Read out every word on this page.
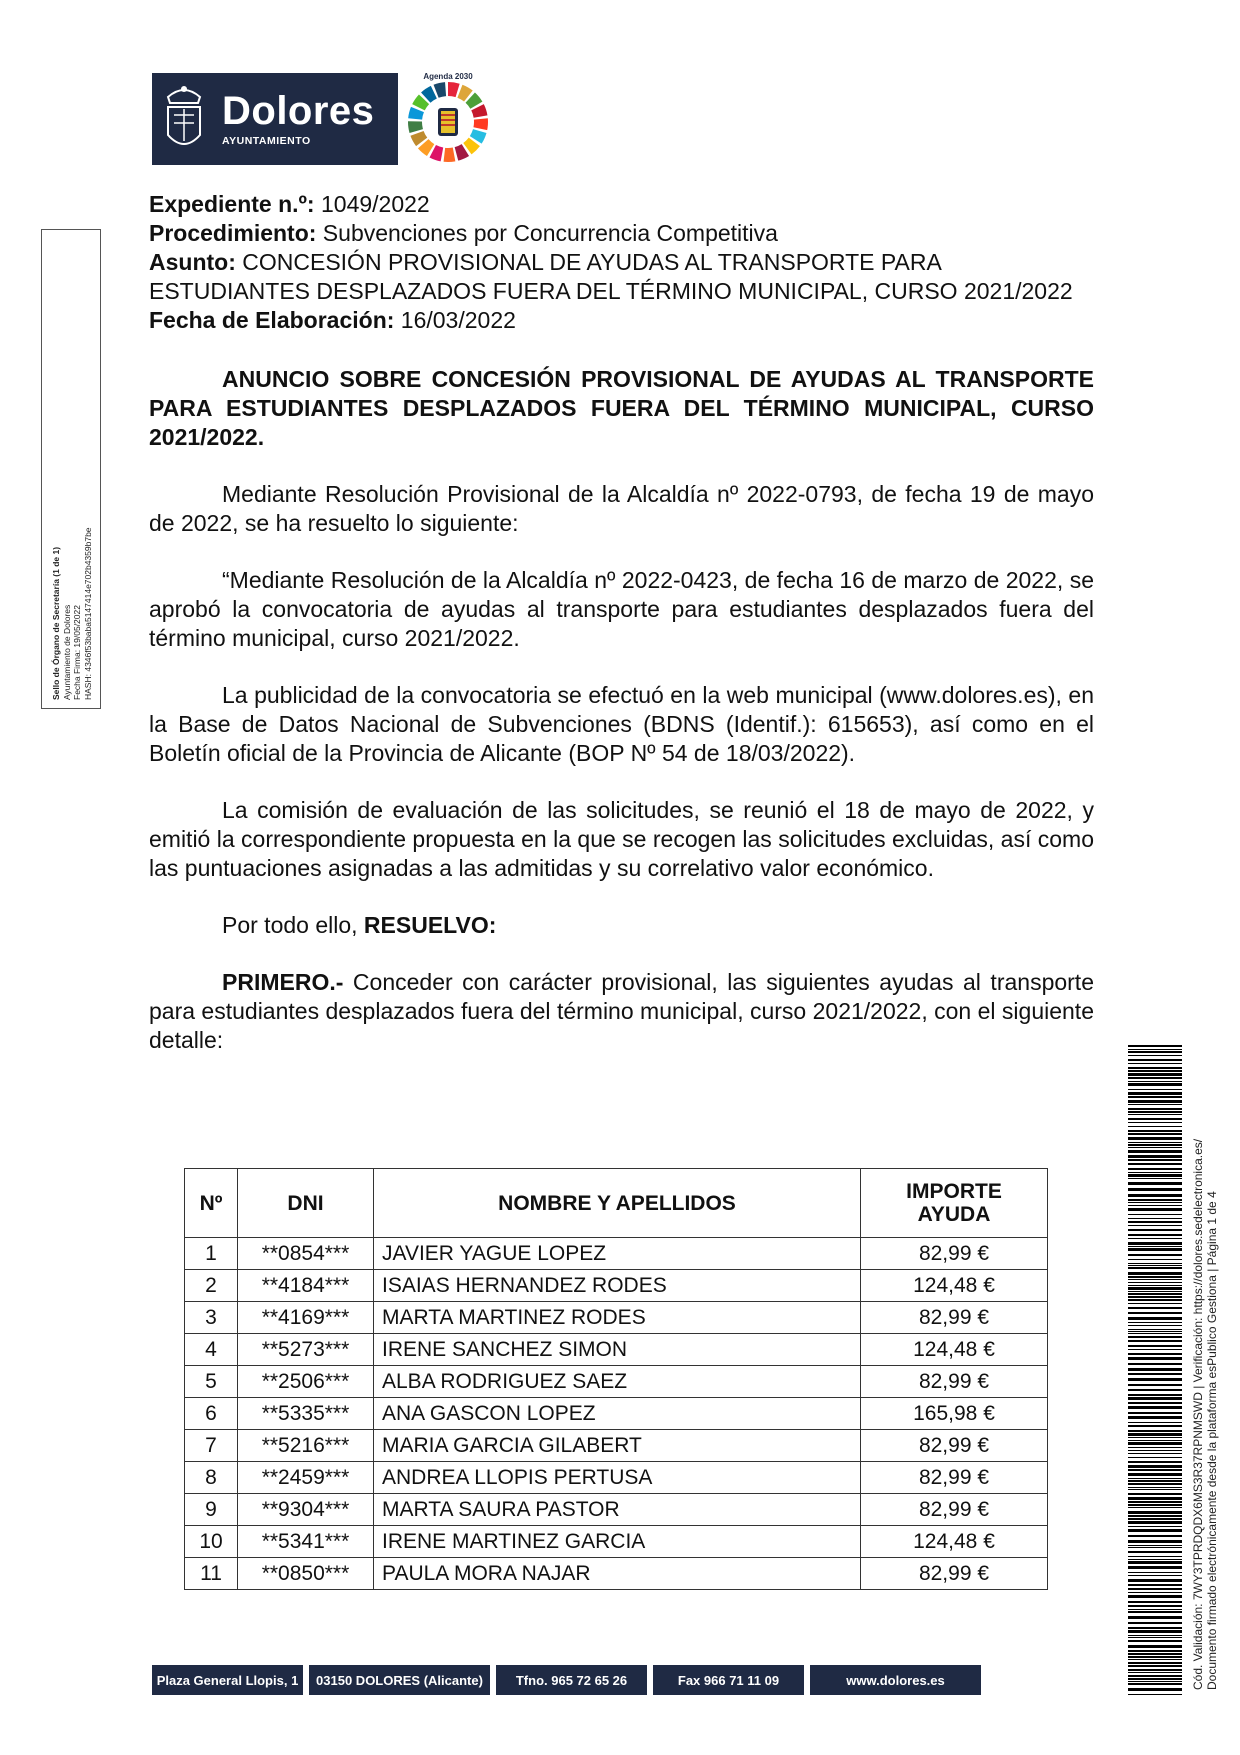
Dolores
AYUNTAMIENTO
Agenda 2030
Sello de Órgano de Secretaría (1 de 1) Ayuntamiento de Dolores Fecha Firma: 19/05/2022 HASH: 4346f53baba5147414e702b4359b7be

Expediente n.º: 1049/2022

Procedimiento: Subvenciones por Concurrencia Competitiva

Asunto: CONCESIÓN PROVISIONAL DE AYUDAS AL TRANSPORTE PARA ESTUDIANTES DESPLAZADOS FUERA DEL TÉRMINO MUNICIPAL, CURSO 2021/2022

Fecha de Elaboración: 16/03/2022

ANUNCIO SOBRE CONCESIÓN PROVISIONAL DE AYUDAS AL TRANSPORTE PARA ESTUDIANTES DESPLAZADOS FUERA DEL TÉRMINO MUNICIPAL, CURSO 2021/2022.

Mediante Resolución Provisional de la Alcaldía nº 2022-0793, de fecha 19 de mayo de 2022, se ha resuelto lo siguiente:

“Mediante Resolución de la Alcaldía nº 2022-0423, de fecha 16 de marzo de 2022, se aprobó la convocatoria de ayudas al transporte para estudiantes desplazados fuera del término municipal, curso 2021/2022.

La publicidad de la convocatoria se efectuó en la web municipal (www.dolores.es), en la Base de Datos Nacional de Subvenciones (BDNS (Identif.): 615653), así como en el Boletín oficial de la Provincia de Alicante (BOP Nº 54 de 18/03/2022).

La comisión de evaluación de las solicitudes, se reunió el 18 de mayo de 2022, y emitió la correspondiente propuesta en la que se recogen las solicitudes excluidas, así como las puntuaciones asignadas a las admitidas y su correlativo valor económico.

Por todo ello, RESUELVO:

PRIMERO.- Conceder con carácter provisional, las siguientes ayudas al transporte para estudiantes desplazados fuera del término municipal, curso 2021/2022, con el siguiente detalle:

Nº	DNI	NOMBRE Y APELLIDOS	IMPORTE AYUDA
1	**0854***	JAVIER YAGUE LOPEZ	82,99 €
2	**4184***	ISAIAS HERNANDEZ RODES	124,48 €
3	**4169***	MARTA MARTINEZ RODES	82,99 €
4	**5273***	IRENE SANCHEZ SIMON	124,48 €
5	**2506***	ALBA RODRIGUEZ SAEZ	82,99 €
6	**5335***	ANA GASCON LOPEZ	165,98 €
7	**5216***	MARIA GARCIA GILABERT	82,99 €
8	**2459***	ANDREA LLOPIS PERTUSA	82,99 €
9	**9304***	MARTA SAURA PASTOR	82,99 €
10	**5341***	IRENE MARTINEZ GARCIA	124,48 €
11	**0850***	PAULA MORA NAJAR	82,99 €
Plaza General Llopis, 1	03150 DOLORES (Alicante)	Tfno. 965 72 65 26	Fax 966 71 11 09	www.dolores.es	Cód. Validación: 7WY3TPRDQDX6MS3R37RPNMSWD | Verificación: https://dolores.sedelectronica.es/ Documento firmado electrónicamente desde la plataforma esPublico Gestiona | Página 1 de 4
